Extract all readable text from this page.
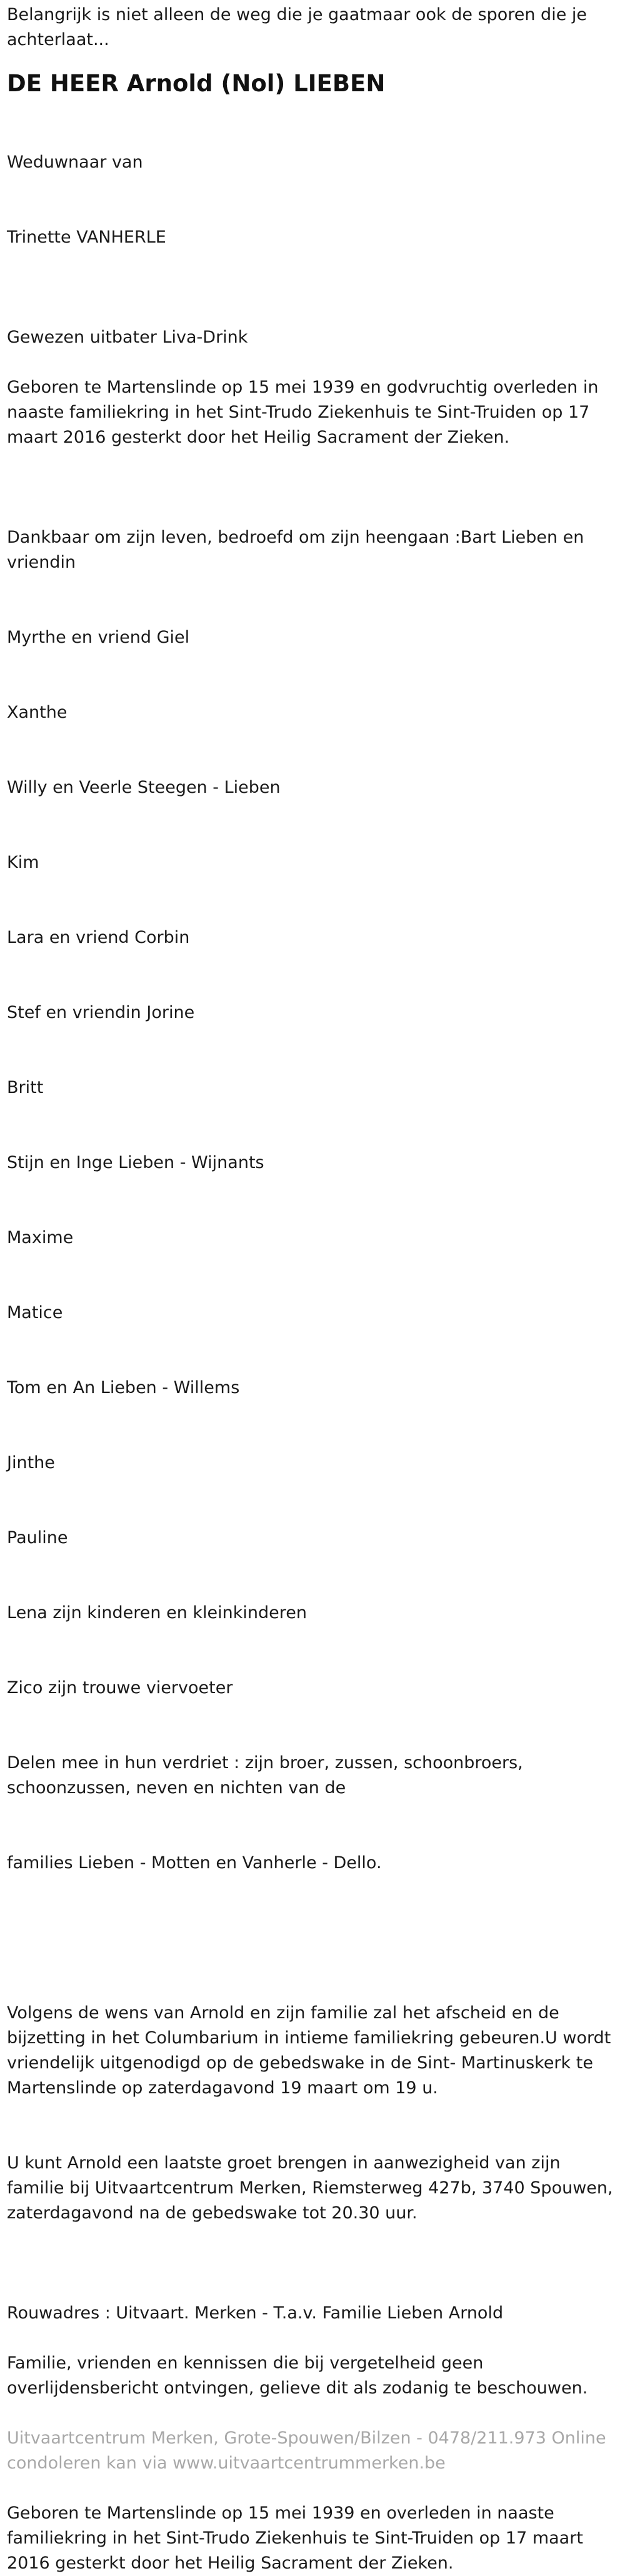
Belangrijk is niet alleen de weg die je gaatmaar ook de sporen die je achterlaat...

DE HEER Arnold (Nol) LIEBEN

Weduwnaar van

Trinette VANHERLE

Gewezen uitbater Liva-Drink

Geboren te Martenslinde op 15 mei 1939 en godvruchtig overleden in naaste familiekring in het Sint-Trudo Ziekenhuis te Sint-Truiden op 17 maart 2016 gesterkt door het Heilig Sacrament der Zieken.

Dankbaar om zijn leven, bedroefd om zijn heengaan :Bart Lieben en vriendin

Myrthe en vriend Giel

Xanthe

Willy en Veerle Steegen - Lieben

Kim

Lara en vriend Corbin

Stef en vriendin Jorine

Britt

Stijn en Inge Lieben - Wijnants

Maxime

Matice

Tom en An Lieben - Willems

Jinthe

Pauline

Lena zijn kinderen en kleinkinderen

Zico zijn trouwe viervoeter

Delen mee in hun verdriet : zijn broer, zussen, schoonbroers, schoonzussen, neven en nichten van de

families Lieben - Motten en Vanherle - Dello.

Volgens de wens van Arnold en zijn familie zal het afscheid en de bijzetting in het Columbarium in intieme familiekring gebeuren.U wordt vriendelijk uitgenodigd op de gebedswake in de Sint- Martinuskerk te Martenslinde op zaterdagavond 19 maart om 19 u.

U kunt Arnold een laatste groet brengen in aanwezigheid van zijn familie bij Uitvaartcentrum Merken, Riemsterweg 427b, 3740 Spouwen, zaterdagavond na de gebedswake tot 20.30 uur.

Rouwadres : Uitvaart. Merken - T.a.v. Familie Lieben Arnold

Familie, vrienden en kennissen die bij vergetelheid geen overlijdensbericht ontvingen, gelieve dit als zodanig te beschouwen.

Uitvaartcentrum Merken, Grote-Spouwen/Bilzen - 0478/211.973 Online condoleren kan via www.uitvaartcentrummerken.be

Geboren te Martenslinde op 15 mei 1939 en overleden in naaste familiekring in het Sint-Trudo Ziekenhuis te Sint-Truiden op 17 maart 2016 gesterkt door het Heilig Sacrament der Zieken.
